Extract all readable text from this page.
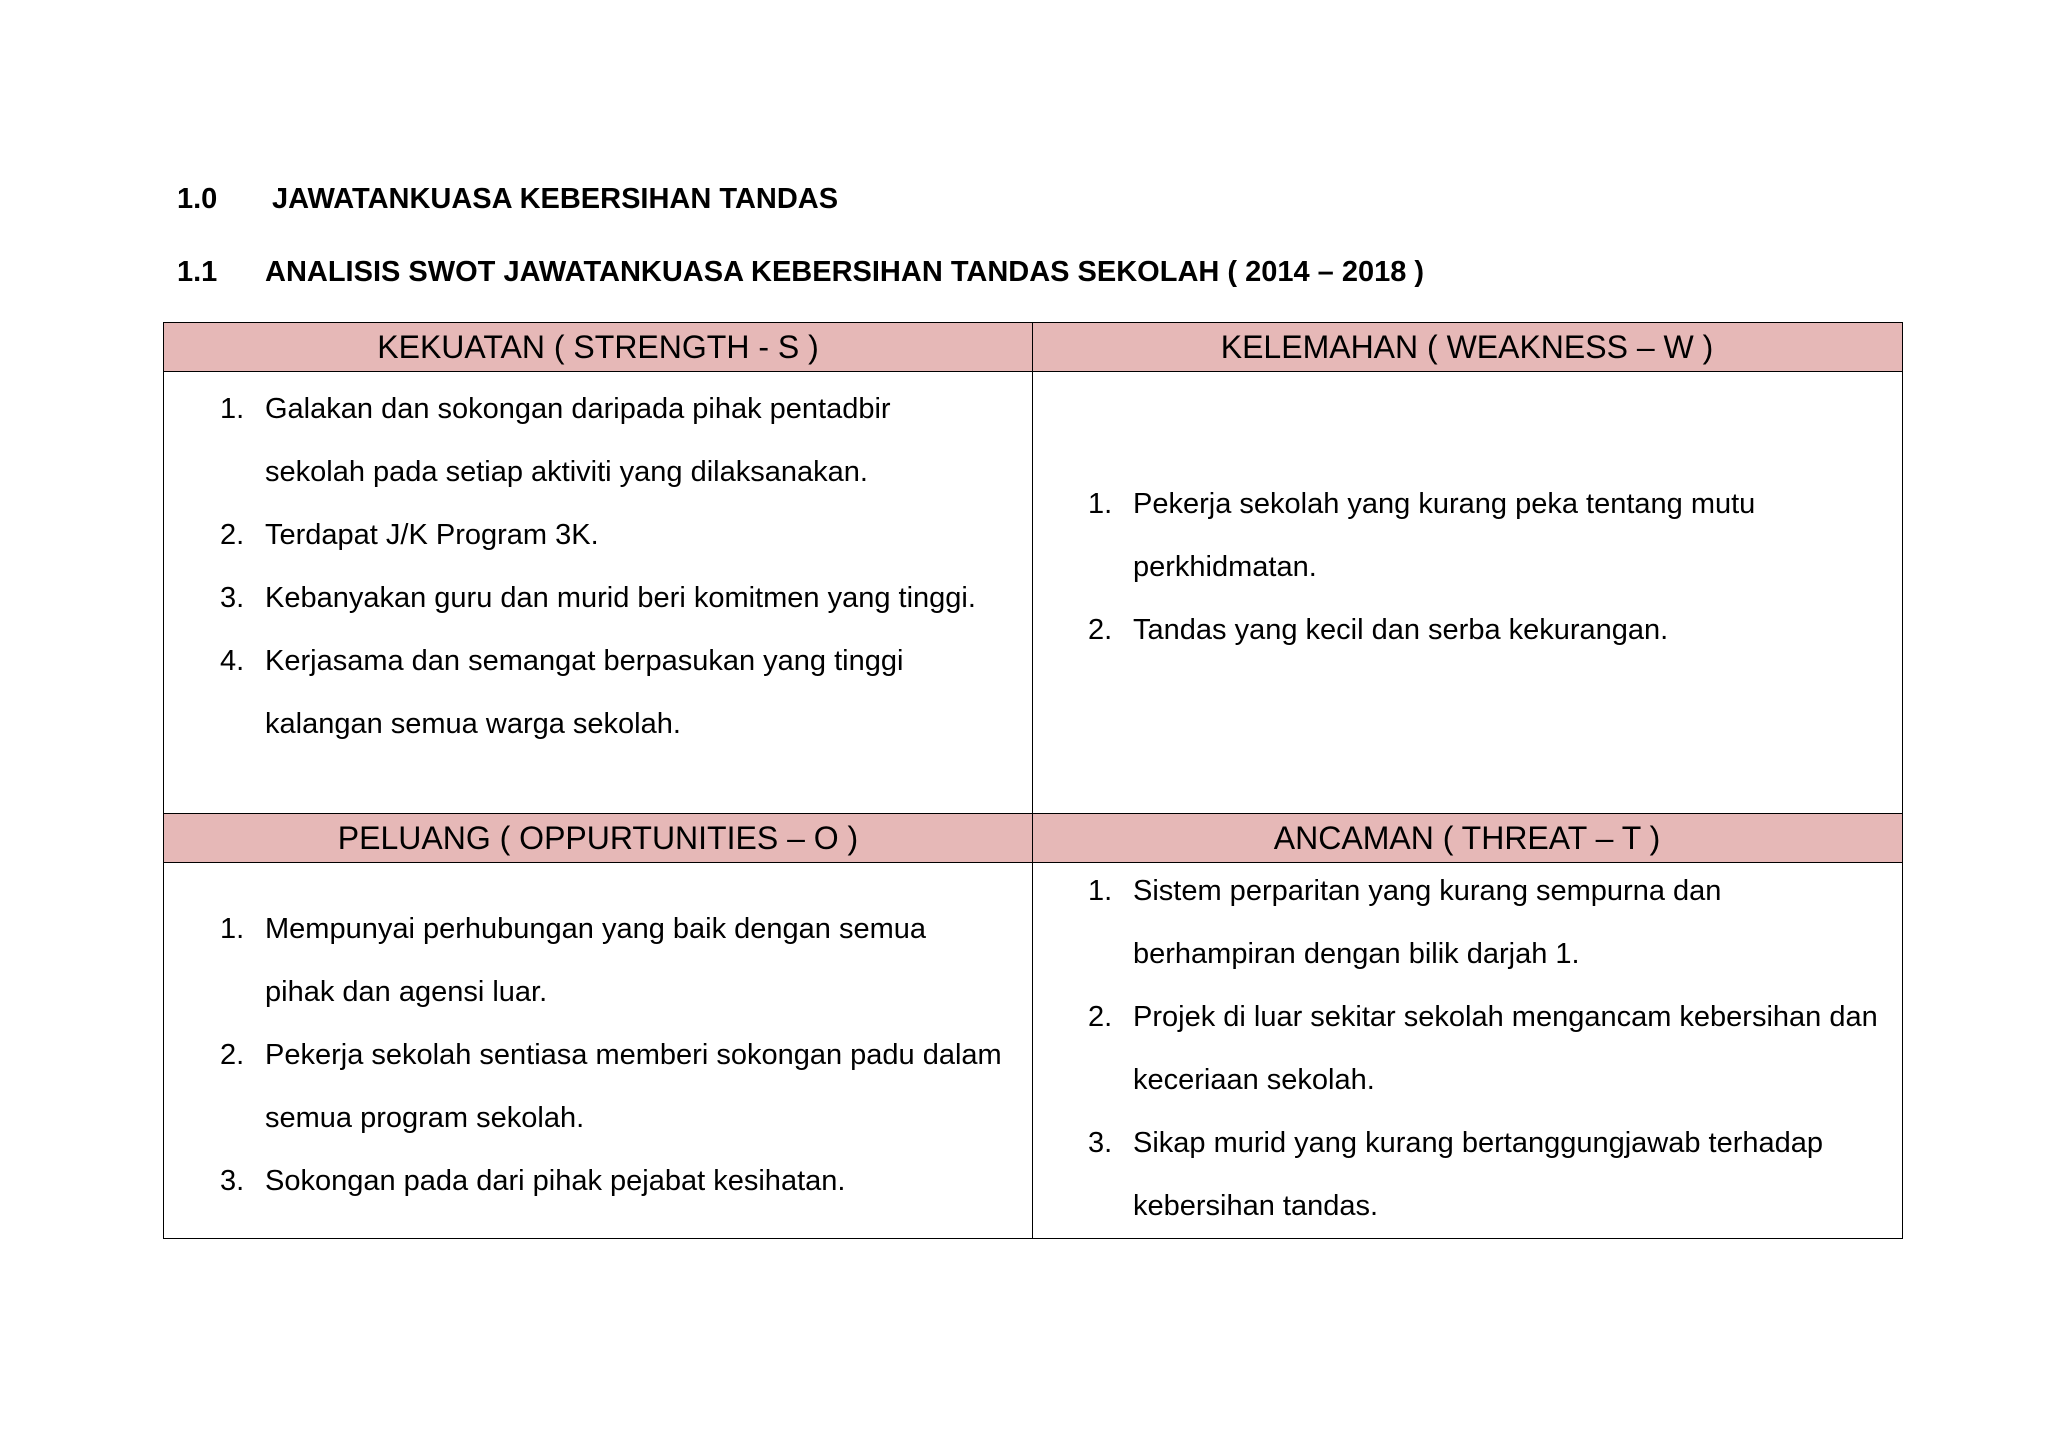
1.0 JAWATANKUASA KEBERSIHAN TANDAS
1.1 ANALISIS SWOT JAWATANKUASA KEBERSIHAN TANDAS SEKOLAH ( 2014 – 2018 )
KEKUATAN ( STRENGTH - S )	KELEMAHAN ( WEAKNESS – W )
1. Galakan dan sokongan daripada pihak pentadbir sekolah pada setiap aktiviti yang dilaksanakan.
2. Terdapat J/K Program 3K.
3. Kebanyakan guru dan murid beri komitmen yang tinggi.
4. Kerjasama dan semangat berpasukan yang tinggi kalangan semua warga sekolah.
1. Pekerja sekolah yang kurang peka tentang mutu perkhidmatan.
2. Tandas yang kecil dan serba kekurangan.
PELUANG ( OPPURTUNITIES – O )	ANCAMAN ( THREAT – T )
1. Mempunyai perhubungan yang baik dengan semua pihak dan agensi luar.
2. Pekerja sekolah sentiasa memberi sokongan padu dalam semua program sekolah.
3. Sokongan pada dari pihak pejabat kesihatan.
1. Sistem perparitan yang kurang sempurna dan berhampiran dengan bilik darjah 1.
2. Projek di luar sekitar sekolah mengancam kebersihan dan keceriaan sekolah.
3. Sikap murid yang kurang bertanggungjawab terhadap kebersihan tandas.
